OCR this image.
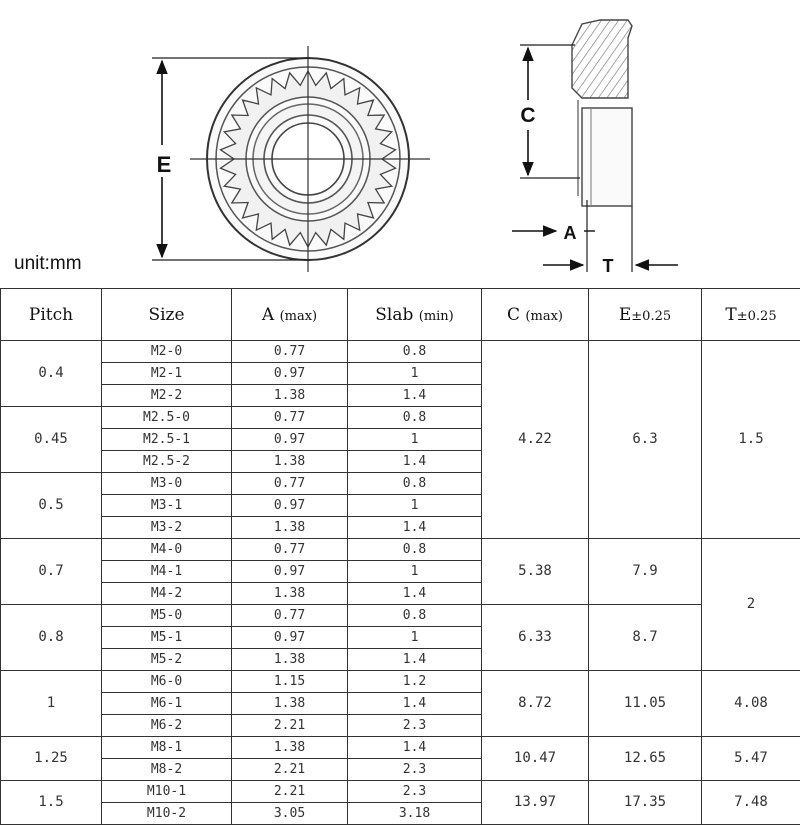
E
C
A
T
unit:mm
Pitch	Size	A (max)	Slab (min)	C (max)	E±0.25	T±0.25
0.4	M2-0	0.77	0.8	4.22	6.3	1.5
	M2-1	0.97	1			
	M2-2	1.38	1.4			
0.45	M2.5-0	0.77	0.8			
	M2.5-1	0.97	1			
	M2.5-2	1.38	1.4			
0.5	M3-0	0.77	0.8			
	M3-1	0.97	1			
	M3-2	1.38	1.4			
0.7	M4-0	0.77	0.8	5.38	7.9	2
	M4-1	0.97	1			
	M4-2	1.38	1.4			
0.8	M5-0	0.77	0.8	6.33	8.7	
	M5-1	0.97	1			
	M5-2	1.38	1.4			
1	M6-0	1.15	1.2	8.72	11.05	4.08
	M6-1	1.38	1.4			
	M6-2	2.21	2.3			
1.25	M8-1	1.38	1.4	10.47	12.65	5.47
	M8-2	2.21	2.3			
1.5	M10-1	2.21	2.3	13.97	17.35	7.48
	M10-2	3.05	3.18			
